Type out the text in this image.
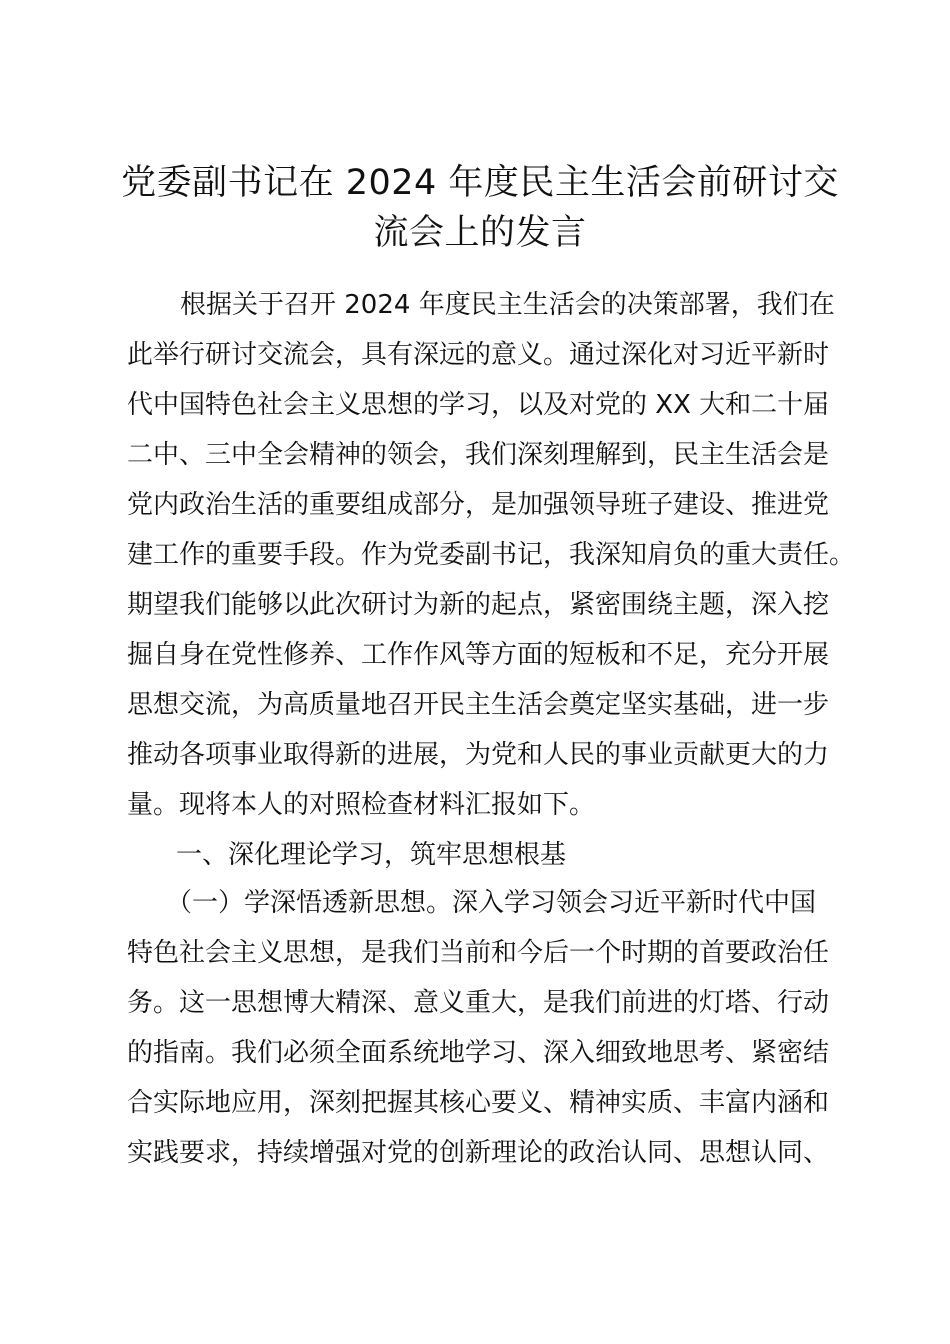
党委副书记在 2024 年度民主生活会前研讨交
流会上的发言
根据关于召开 2024 年度民主生活会的决策部署，我们在
此举行研讨交流会，具有深远的意义。通过深化对习近平新时
代中国特色社会主义思想的学习，以及对党的 XX 大和二十届
二中、三中全会精神的领会，我们深刻理解到，民主生活会是
党内政治生活的重要组成部分，是加强领导班子建设、推进党
建工作的重要手段。作为党委副书记，我深知肩负的重大责任。
期望我们能够以此次研讨为新的起点，紧密围绕主题，深入挖
掘自身在党性修养、工作作风等方面的短板和不足，充分开展
思想交流，为高质量地召开民主生活会奠定坚实基础，进一步
推动各项事业取得新的进展，为党和人民的事业贡献更大的力
量。现将本人的对照检查材料汇报如下。
一、深化理论学习，筑牢思想根基
（一）学深悟透新思想。深入学习领会习近平新时代中国
特色社会主义思想，是我们当前和今后一个时期的首要政治任
务。这一思想博大精深、意义重大，是我们前进的灯塔、行动
的指南。我们必须全面系统地学习、深入细致地思考、紧密结
合实际地应用，深刻把握其核心要义、精神实质、丰富内涵和
实践要求，持续增强对党的创新理论的政治认同、思想认同、
